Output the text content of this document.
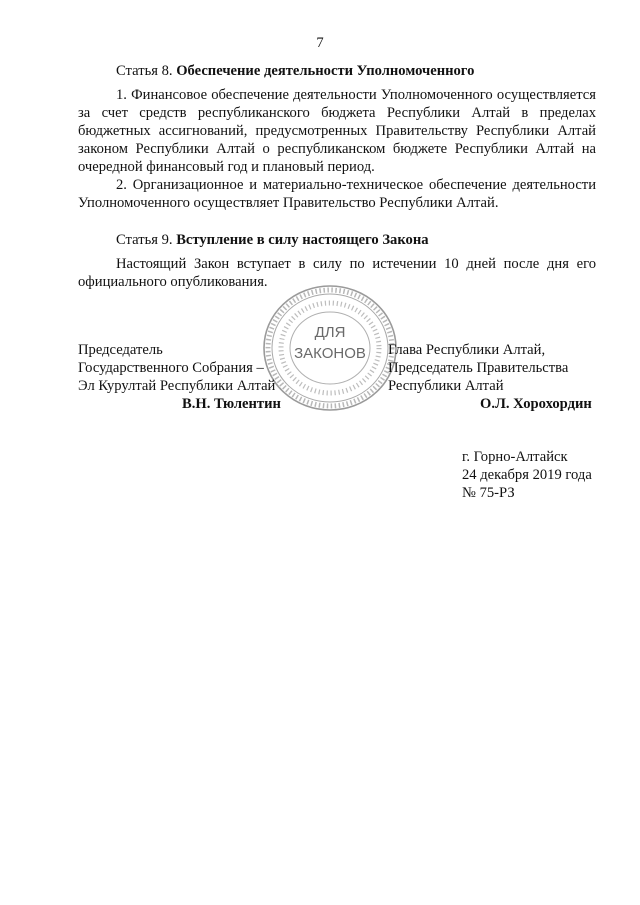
7

Статья 8. Обеспечение деятельности Уполномоченного

1. Финансовое обеспечение деятельности Уполномоченного осуществляется за счет средств республиканского бюджета Республики Алтай в пределах бюджетных ассигнований, предусмотренных Правительству Республики Алтай законом Республики Алтай о республиканском бюджете Республики Алтай на очередной финансовый год и плановый период.

2. Организационное и материально-техническое обеспечение деятельности Уполномоченного осуществляет Правительство Республики Алтай.

Статья 9. Вступление в силу настоящего Закона

Настоящий Закон вступает в силу по истечении 10 дней после дня его официального опубликования.

ДЛЯ
ЗАКОНОВ
Председатель
Государственного Собрания –
Эл Курултай Республики Алтай
В.Н. Тюлентин
Глава Республики Алтай,
Председатель Правительства
Республики Алтай
О.Л. Хорохордин
г. Горно-Алтайск
24 декабря 2019 года
№ 75-РЗ
